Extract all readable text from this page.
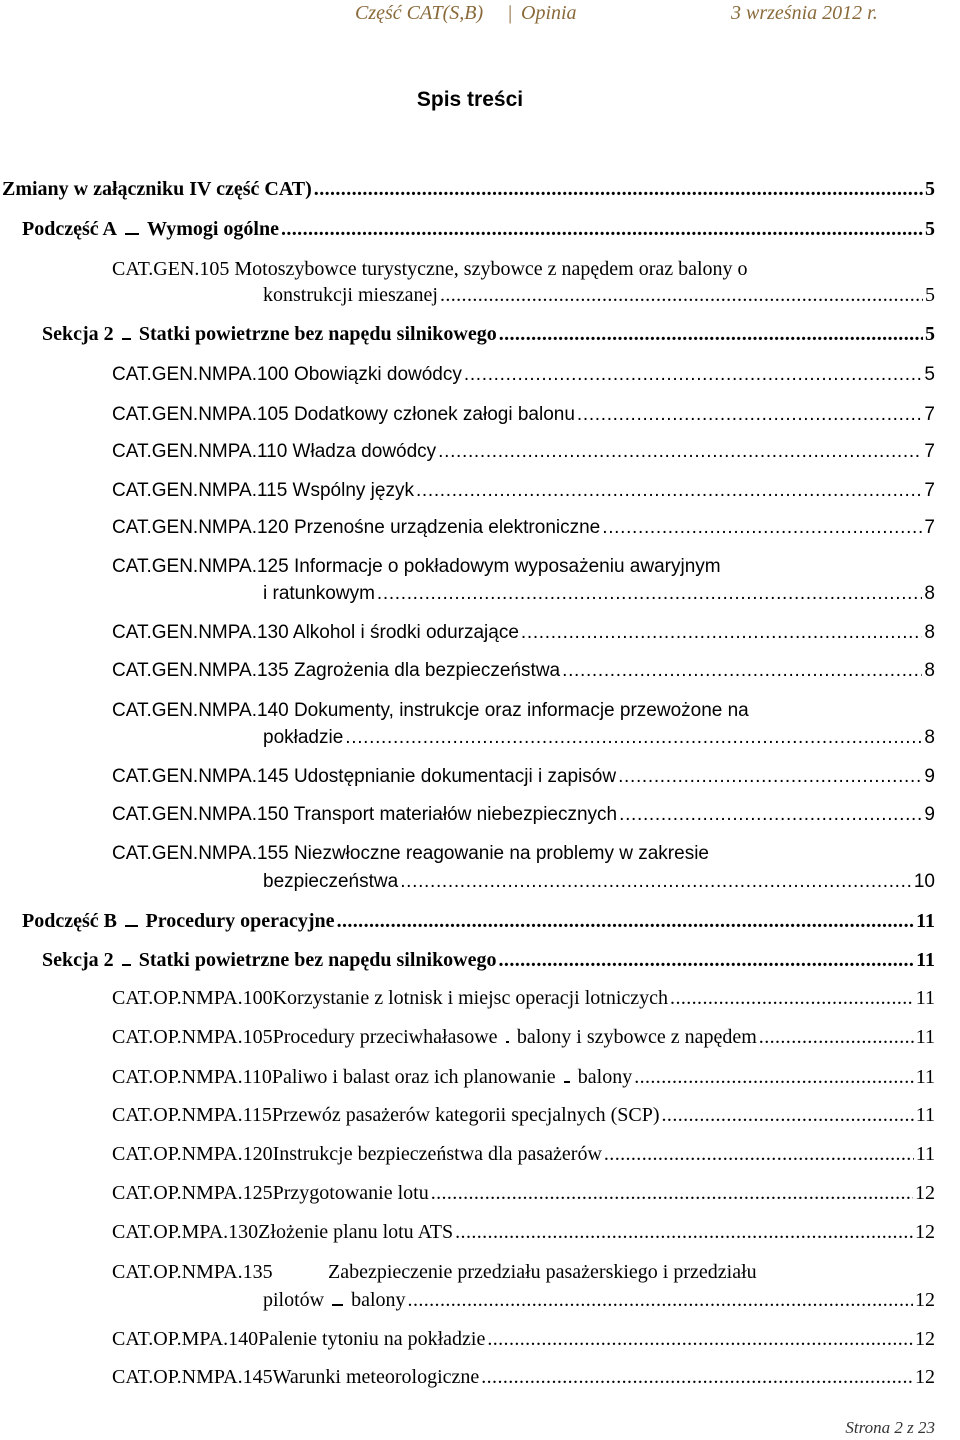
Część CAT(S,B) | Opinia	3 września 2012 r.
Spis treści
Zmiany w załączniku IV część CAT) . . .	5
Podczęść A Wymogi ogólne . . .	5
CAT.GEN.105 Motoszybowce turystyczne, szybowce z napędem oraz balony o
konstrukcji mieszanej . . .	5
Sekcja 2 Statki powietrzne bez napędu silnikowego . . .	5
CAT.GEN.NMPA.100 Obowiązki dowódcy . . .	5
CAT.GEN.NMPA.105 Dodatkowy członek załogi balonu . . .	7
CAT.GEN.NMPA.110 Władza dowódcy . . .	7
CAT.GEN.NMPA.115 Wspólny język . . .	7
CAT.GEN.NMPA.120 Przenośne urządzenia elektroniczne . . .	7
CAT.GEN.NMPA.125 Informacje o pokładowym wyposażeniu awaryjnym
i ratunkowym . . .	8
CAT.GEN.NMPA.130 Alkohol i środki odurzające . . .	8
CAT.GEN.NMPA.135 Zagrożenia dla bezpieczeństwa . . .	8
CAT.GEN.NMPA.140 Dokumenty, instrukcje oraz informacje przewożone na
pokładzie . . .	8
CAT.GEN.NMPA.145 Udostępnianie dokumentacji i zapisów . . .	9
CAT.GEN.NMPA.150 Transport materiałów niebezpiecznych . . .	9
CAT.GEN.NMPA.155 Niezwłoczne reagowanie na problemy w zakresie
bezpieczeństwa . . .	10
Podczęść B Procedury operacyjne . . .	11
Sekcja 2 Statki powietrzne bez napędu silnikowego . . .	11
CAT.OP.NMPA.100 Korzystanie z lotnisk i miejsc operacji lotniczych . . .	11
CAT.OP.NMPA.105 Procedury przeciwhałasowe balony i szybowce z napędem . . .	11
CAT.OP.NMPA.110 Paliwo i balast oraz ich planowanie balony . . .	11
CAT.OP.NMPA.115 Przewóz pasażerów kategorii specjalnych (SCP) . . .	11
CAT.OP.NMPA.120 Instrukcje bezpieczeństwa dla pasażerów . . .	11
CAT.OP.NMPA.125 Przygotowanie lotu . . .	12
CAT.OP.MPA.130 Złożenie planu lotu ATS . . .	12
CAT.OP.NMPA.135	Zabezpieczenie przedziału pasażerskiego i przedziału
pilotów balony . . .	12
CAT.OP.MPA.140 Palenie tytoniu na pokładzie . . .	12
CAT.OP.NMPA.145 Warunki meteorologiczne . . .	12
Strona 2 z 23
